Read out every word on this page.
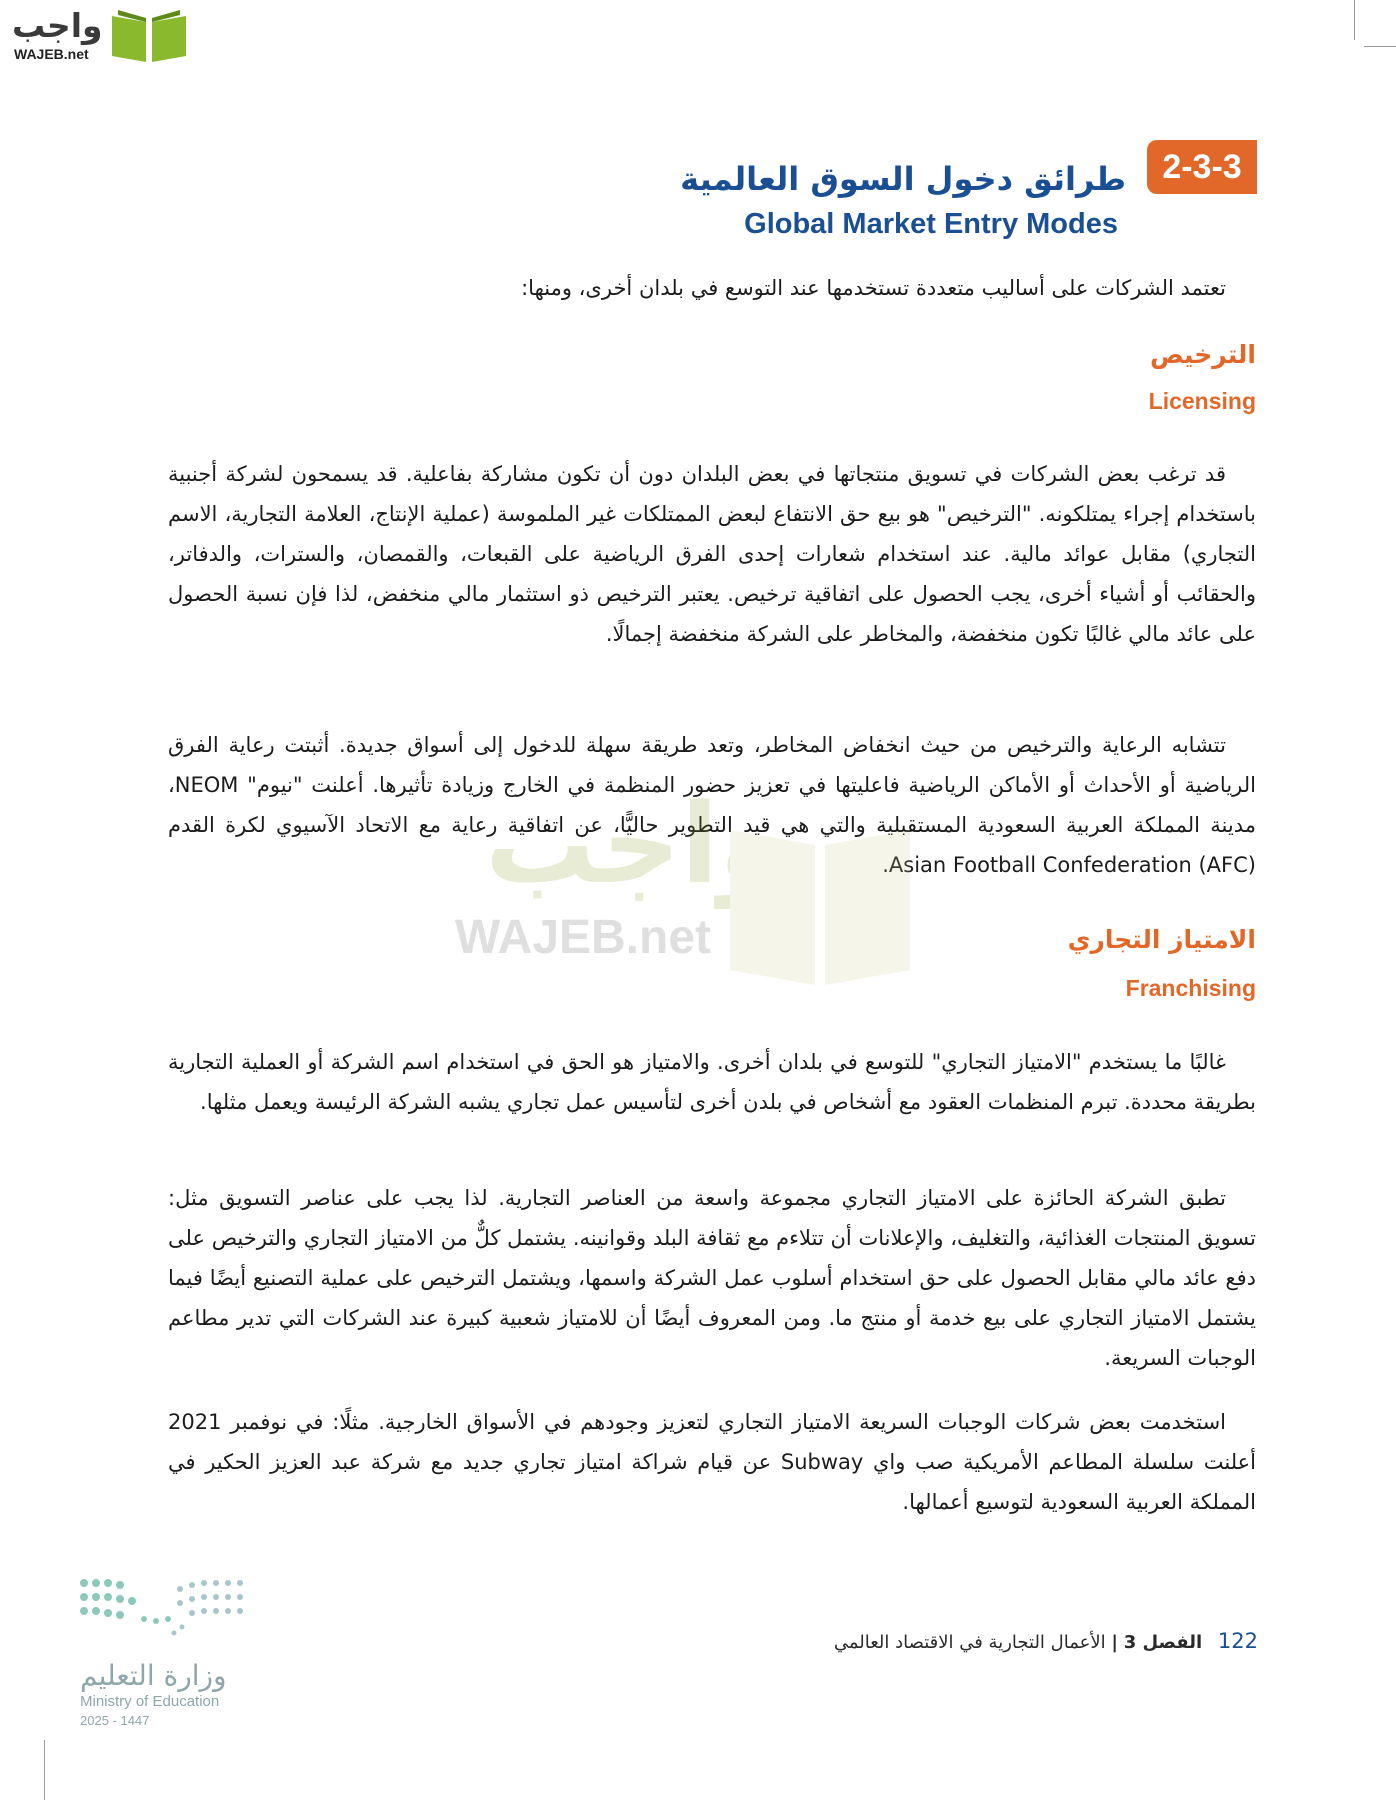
واجب
WAJEB.net
2-3-3
طرائق دخول السوق العالمية
Global Market Entry Modes
تعتمد الشركات على أساليب متعددة تستخدمها عند التوسع في بلدان أخرى، ومنها:
الترخيص
Licensing
قد ترغب بعض الشركات في تسويق منتجاتها في بعض البلدان دون أن تكون مشاركة بفاعلية. قد يسمحون لشركة أجنبية باستخدام إجراء يمتلكونه. "الترخيص" هو بيع حق الانتفاع لبعض الممتلكات غير الملموسة (عملية الإنتاج، العلامة التجارية، الاسم التجاري) مقابل عوائد مالية. عند استخدام شعارات إحدى الفرق الرياضية على القبعات، والقمصان، والسترات، والدفاتر، والحقائب أو أشياء أخرى، يجب الحصول على اتفاقية ترخيص. يعتبر الترخيص ذو استثمار مالي منخفض، لذا فإن نسبة الحصول على عائد مالي غالبًا تكون منخفضة، والمخاطر على الشركة منخفضة إجمالًا.
تتشابه الرعاية والترخيص من حيث انخفاض المخاطر، وتعد طريقة سهلة للدخول إلى أسواق جديدة. أثبتت رعاية الفرق الرياضية أو الأحداث أو الأماكن الرياضية فاعليتها في تعزيز حضور المنظمة في الخارج وزيادة تأثيرها. أعلنت "نيوم" NEOM، مدينة المملكة العربية السعودية المستقبلية والتي هي قيد التطوير حاليًّا، عن اتفاقية رعاية مع الاتحاد الآسيوي لكرة القدم (Asian Football Confederation (AFC.
واجب
WAJEB.net	الامتياز التجاري
Franchising
غالبًا ما يستخدم "الامتياز التجاري" للتوسع في بلدان أخرى. والامتياز هو الحق في استخدام اسم الشركة أو العملية التجارية بطريقة محددة. تبرم المنظمات العقود مع أشخاص في بلدن أخرى لتأسيس عمل تجاري يشبه الشركة الرئيسة ويعمل مثلها.
تطبق الشركة الحائزة على الامتياز التجاري مجموعة واسعة من العناصر التجارية. لذا يجب على عناصر التسويق مثل: تسويق المنتجات الغذائية، والتغليف، والإعلانات أن تتلاءم مع ثقافة البلد وقوانينه. يشتمل كلٌّ من الامتياز التجاري والترخيص على دفع عائد مالي مقابل الحصول على حق استخدام أسلوب عمل الشركة واسمها، ويشتمل الترخيص على عملية التصنيع أيضًا فيما يشتمل الامتياز التجاري على بيع خدمة أو منتج ما. ومن المعروف أيضًا أن للامتياز شعبية كبيرة عند الشركات التي تدير مطاعم الوجبات السريعة.
استخدمت بعض شركات الوجبات السريعة الامتياز التجاري لتعزيز وجودهم في الأسواق الخارجية. مثلًا: في نوفمبر 2021 أعلنت سلسلة المطاعم الأمريكية صب واي Subway عن قيام شراكة امتياز تجاري جديد مع شركة عبد العزيز الحكير في المملكة العربية السعودية لتوسيع أعمالها.
وزارة التعليم
Ministry of Education
2025 - 1447
122 الفصل 3 | الأعمال التجارية في الاقتصاد العالمي
